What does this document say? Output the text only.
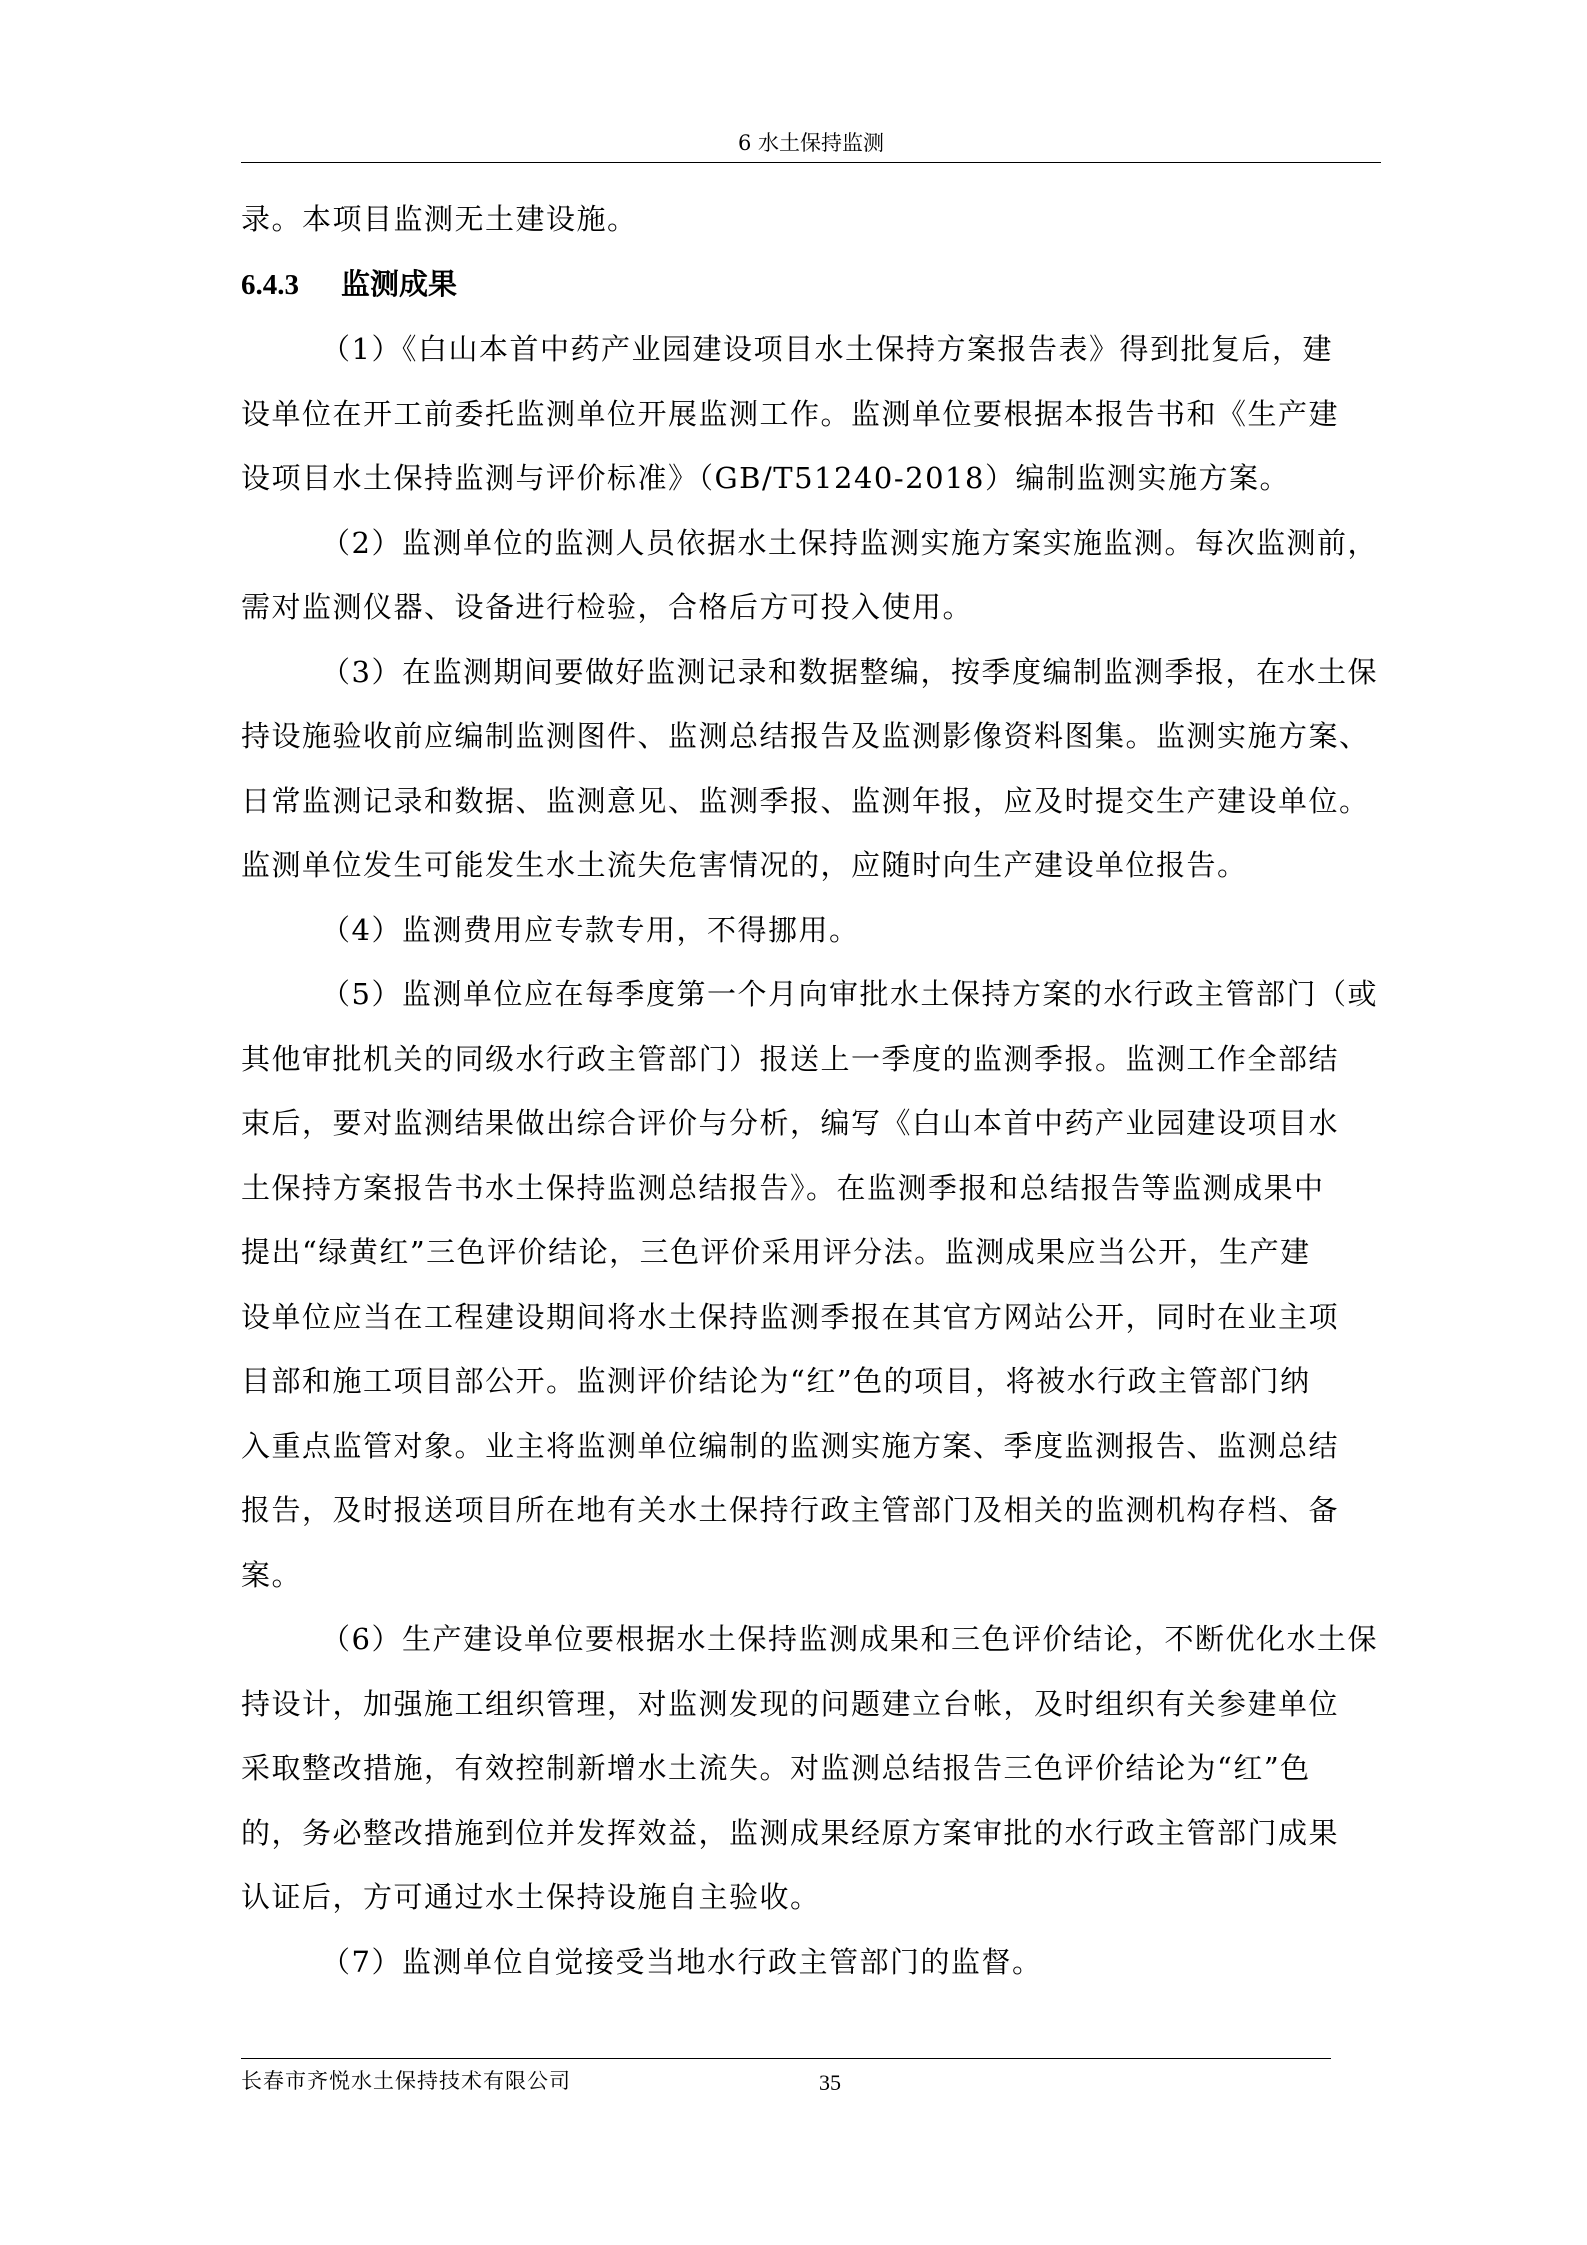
6 水土保持监测

录。本项目监测无土建设施。

6.4.3 监测成果

（1）《白山本首中药产业园建设项目水土保持方案报告表》得到批复后，建

设单位在开工前委托监测单位开展监测工作。监测单位要根据本报告书和《生产建

设项目水土保持监测与评价标准》（GB/T51240-2018）编制监测实施方案。

（2）监测单位的监测人员依据水土保持监测实施方案实施监测。每次监测前，

需对监测仪器、设备进行检验，合格后方可投入使用。

（3）在监测期间要做好监测记录和数据整编，按季度编制监测季报，在水土保

持设施验收前应编制监测图件、监测总结报告及监测影像资料图集。监测实施方案、

日常监测记录和数据、监测意见、监测季报、监测年报，应及时提交生产建设单位。

监测单位发生可能发生水土流失危害情况的，应随时向生产建设单位报告。

（4）监测费用应专款专用，不得挪用。

（5）监测单位应在每季度第一个月向审批水土保持方案的水行政主管部门（或

其他审批机关的同级水行政主管部门）报送上一季度的监测季报。监测工作全部结

束后，要对监测结果做出综合评价与分析，编写《白山本首中药产业园建设项目水

土保持方案报告书水土保持监测总结报告》。在监测季报和总结报告等监测成果中

提出“绿黄红”三色评价结论，三色评价采用评分法。监测成果应当公开，生产建

设单位应当在工程建设期间将水土保持监测季报在其官方网站公开，同时在业主项

目部和施工项目部公开。监测评价结论为“红”色的项目，将被水行政主管部门纳

入重点监管对象。业主将监测单位编制的监测实施方案、季度监测报告、监测总结

报告，及时报送项目所在地有关水土保持行政主管部门及相关的监测机构存档、备

案。

（6）生产建设单位要根据水土保持监测成果和三色评价结论，不断优化水土保

持设计，加强施工组织管理，对监测发现的问题建立台帐，及时组织有关参建单位

采取整改措施，有效控制新增水土流失。对监测总结报告三色评价结论为“红”色

的，务必整改措施到位并发挥效益，监测成果经原方案审批的水行政主管部门成果

认证后，方可通过水土保持设施自主验收。

（7）监测单位自觉接受当地水行政主管部门的监督。

长春市齐悦水土保持技术有限公司	35
